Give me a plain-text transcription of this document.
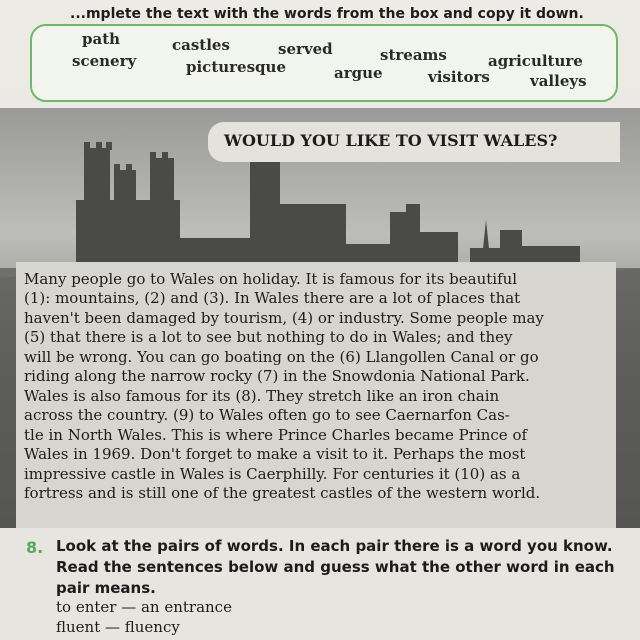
...mplete the text with the words from the box and copy it down.
path	castles	served	streams	agriculture
scenery	picturesque	argue	visitors	valleys
WOULD YOU LIKE TO VISIT WALES?
Many people go to Wales on holiday. It is famous for its beautiful
(1): mountains, (2) and (3). In Wales there are a lot of places that
haven't been damaged by tourism, (4) or industry. Some people may
(5) that there is a lot to see but nothing to do in Wales; and they
will be wrong. You can go boating on the (6) Llangollen Canal or go
riding along the narrow rocky (7) in the Snowdonia National Park.
Wales is also famous for its (8). They stretch like an iron chain
across the country. (9) to Wales often go to see Caernarfon Cas-
tle in North Wales. This is where Prince Charles became Prince of
Wales in 1969. Don't forget to make a visit to it. Perhaps the most
impressive castle in Wales is Caerphilly. For centuries it (10) as a
fortress and is still one of the greatest castles of the western world.
8. Look at the pairs of words. In each pair there is a word you know.
Read the sentences below and guess what the other word in each
pair means.
to enter — an entrance
fluent — fluency
